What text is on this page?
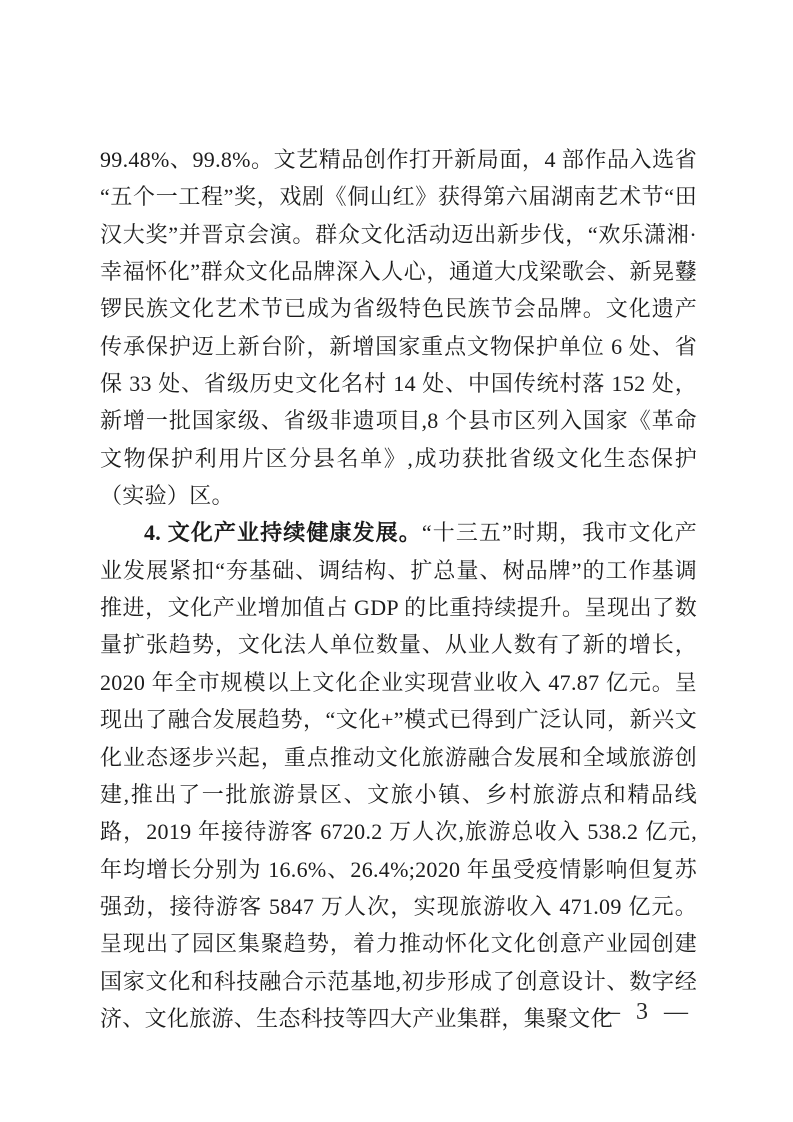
99.48%、99.8%。文艺精品创作打开新局面，4 部作品入选省“五个一工程”奖，戏剧《侗山红》获得第六届湖南艺术节“田汉大奖”并晋京会演。群众文化活动迈出新步伐，“欢乐潇湘·幸福怀化”群众文化品牌深入人心，通道大戊梁歌会、新晃鼟锣民族文化艺术节已成为省级特色民族节会品牌。文化遗产传承保护迈上新台阶，新增国家重点文物保护单位 6 处、省保 33 处、省级历史文化名村 14 处、中国传统村落 152 处，新增一批国家级、省级非遗项目,8 个县市区列入国家《革命文物保护利用片区分县名单》,成功获批省级文化生态保护（实验）区。

4. 文化产业持续健康发展。“十三五”时期，我市文化产业发展紧扣“夯基础、调结构、扩总量、树品牌”的工作基调推进，文化产业增加值占 GDP 的比重持续提升。呈现出了数量扩张趋势，文化法人单位数量、从业人数有了新的增长，2020 年全市规模以上文化企业实现营业收入 47.87 亿元。呈现出了融合发展趋势，“文化+”模式已得到广泛认同，新兴文化业态逐步兴起，重点推动文化旅游融合发展和全域旅游创建,推出了一批旅游景区、文旅小镇、乡村旅游点和精品线路，2019 年接待游客 6720.2 万人次,旅游总收入 538.2 亿元,年均增长分别为 16.6%、26.4%;2020 年虽受疫情影响但复苏强劲，接待游客 5847 万人次，实现旅游收入 471.09 亿元。呈现出了园区集聚趋势，着力推动怀化文化创意产业园创建国家文化和科技融合示范基地,初步形成了创意设计、数字经济、文化旅游、生态科技等四大产业集群，集聚文化

— 3 —
